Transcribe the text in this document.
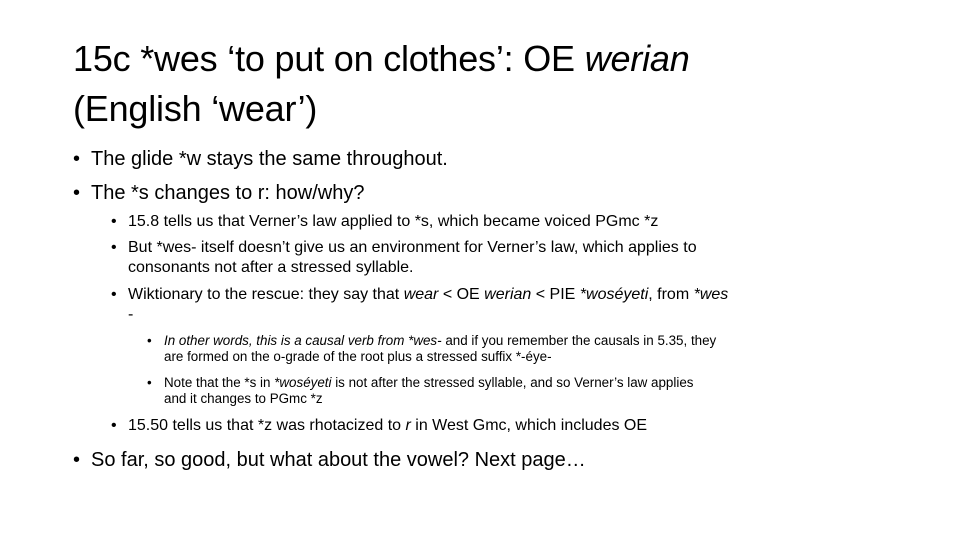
15c *wes ‘to put on clothes’: OE werian
(English ‘wear’)
• The glide *w stays the same throughout.
• The *s changes to r: how/why?
• 15.8 tells us that Verner’s law applied to *s, which became voiced PGmc *z
• But *wes- itself doesn’t give us an environment for Verner’s law, which applies to
consonants not after a stressed syllable.
• Wiktionary to the rescue: they say that wear < OE werian < PIE *woséyeti, from *wes
-
• In other words, this is a causal verb from *wes- and if you remember the causals in 5.35, they
are formed on the o-grade of the root plus a stressed suffix *-éye-
• Note that the *s in *woséyeti is not after the stressed syllable, and so Verner’s law applies
and it changes to PGmc *z
• 15.50 tells us that *z was rhotacized to r in West Gmc, which includes OE
• So far, so good, but what about the vowel? Next page…
